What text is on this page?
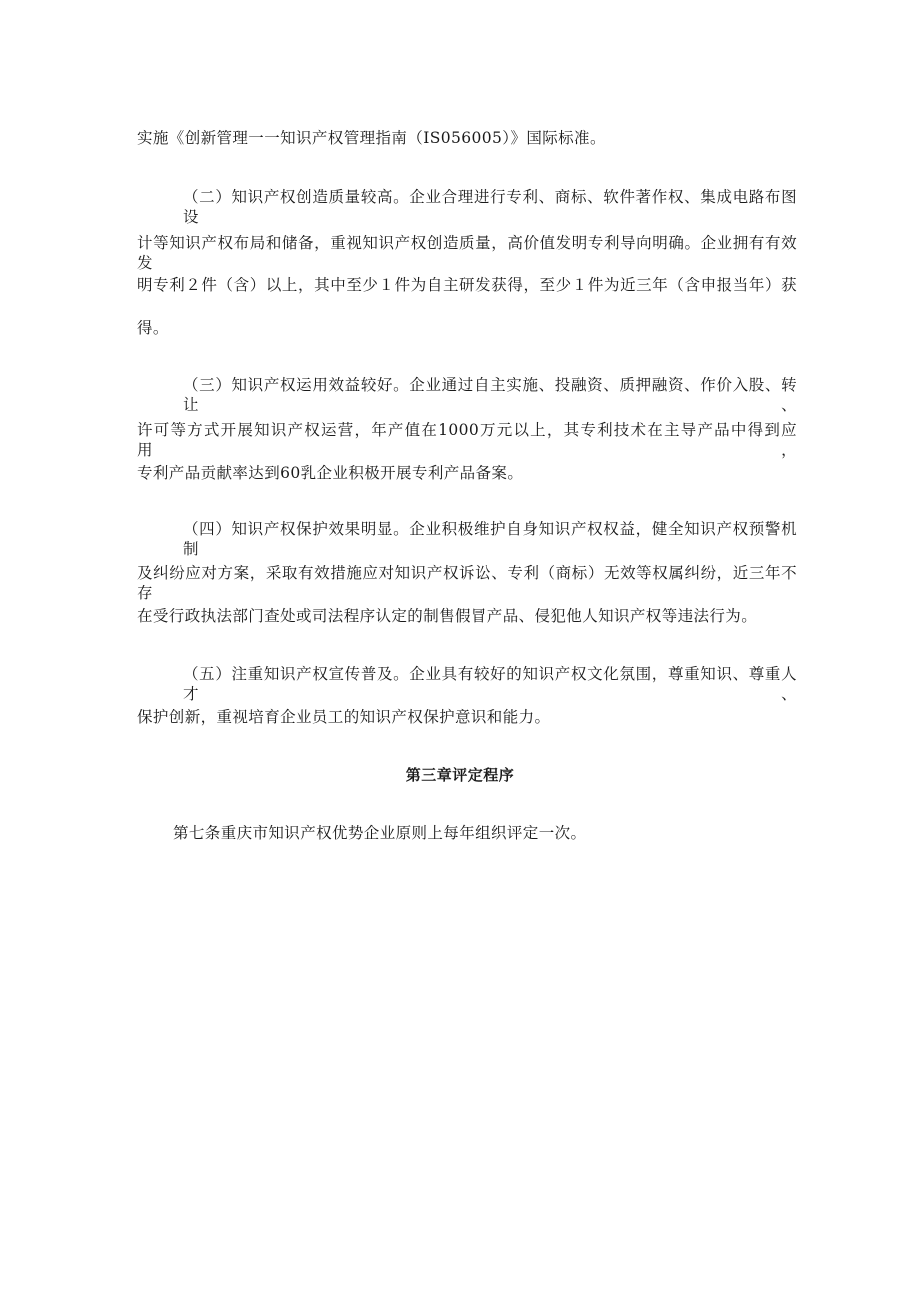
实施《创新管理一一知识产权管理指南（IS056005）》国际标准。
（二）知识产权创造质量较高。企业合理进行专利、商标、软件著作权、集成电路布图设
计等知识产权布局和储备，重视知识产权创造质量，高价值发明专利导向明确。企业拥有有效发
明专利２件（含）以上，其中至少１件为自主研发获得，至少１件为近三年（含申报当年）获
得。
（三）知识产权运用效益较好。企业通过自主实施、投融资、质押融资、作价入股、转让、
许可等方式开展知识产权运营，年产值在1000万元以上，其专利技术在主导产品中得到应用，
专利产品贡献率达到60乳企业积极开展专利产品备案。
（四）知识产权保护效果明显。企业积极维护自身知识产权权益，健全知识产权预警机制
及纠纷应对方案，采取有效措施应对知识产权诉讼、专利（商标）无效等权属纠纷，近三年不存
在受行政执法部门查处或司法程序认定的制售假冒产品、侵犯他人知识产权等违法行为。
（五）注重知识产权宣传普及。企业具有较好的知识产权文化氛围，尊重知识、尊重人才、
保护创新，重视培育企业员工的知识产权保护意识和能力。
第三章评定程序
第七条重庆市知识产权优势企业原则上每年组织评定一次。
